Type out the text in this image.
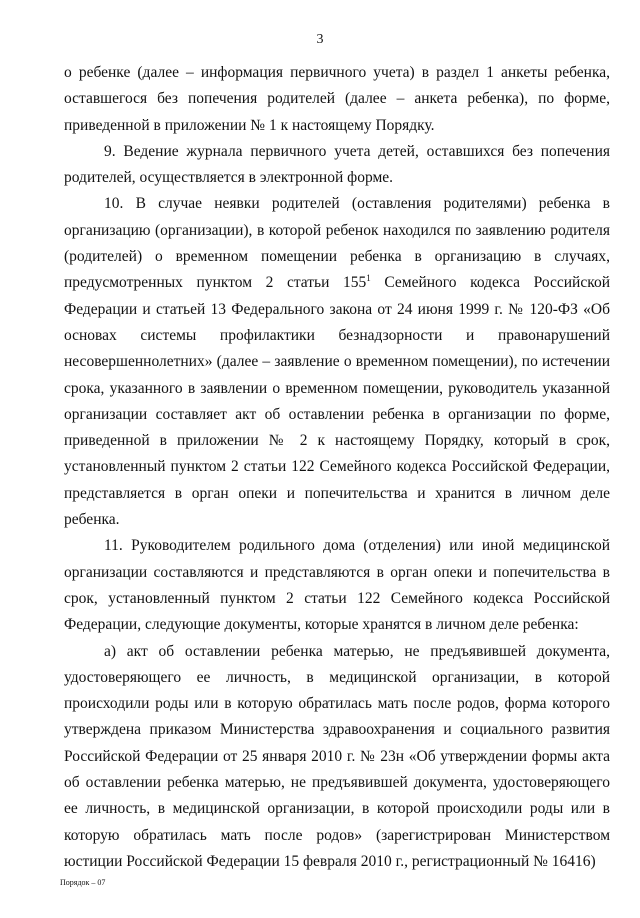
3

о ребенке (далее – информация первичного учета) в раздел 1 анкеты ребенка, оставшегося без попечения родителей (далее – анкета ребенка), по форме, приведенной в приложении № 1 к настоящему Порядку.

9. Ведение журнала первичного учета детей, оставшихся без попечения родителей, осуществляется в электронной форме.

10. В случае неявки родителей (оставления родителями) ребенка в организацию (организации), в которой ребенок находился по заявлению родителя (родителей) о временном помещении ребенка в организацию в случаях, предусмотренных пунктом 2 статьи $155^1$ Семейного кодекса Российской Федерации и статьей 13 Федерального закона от 24 июня 1999 г. № 120-ФЗ «Об основах системы профилактики безнадзорности и правонарушений несовершеннолетних» (далее – заявление о временном помещении), по истечении срока, указанного в заявлении о временном помещении, руководитель указанной организации составляет акт об оставлении ребенка в организации по форме, приведенной в приложении № 2 к настоящему Порядку, который в срок, установленный пунктом 2 статьи 122 Семейного кодекса Российской Федерации, представляется в орган опеки и попечительства и хранится в личном деле ребенка.

11. Руководителем родильного дома (отделения) или иной медицинской организации составляются и представляются в орган опеки и попечительства в срок, установленный пунктом 2 статьи 122 Семейного кодекса Российской Федерации, следующие документы, которые хранятся в личном деле ребенка:

а) акт об оставлении ребенка матерью, не предъявившей документа, удостоверяющего ее личность, в медицинской организации, в которой происходили роды или в которую обратилась мать после родов, форма которого утверждена приказом Министерства здравоохранения и социального развития Российской Федерации от 25 января 2010 г. № 23н «Об утверждении формы акта об оставлении ребенка матерью, не предъявившей документа, удостоверяющего ее личность, в медицинской организации, в которой происходили роды или в которую обратилась мать после родов» (зарегистрирован Министерством юстиции Российской Федерации 15 февраля 2010 г., регистрационный № 16416)

Порядок – 07
